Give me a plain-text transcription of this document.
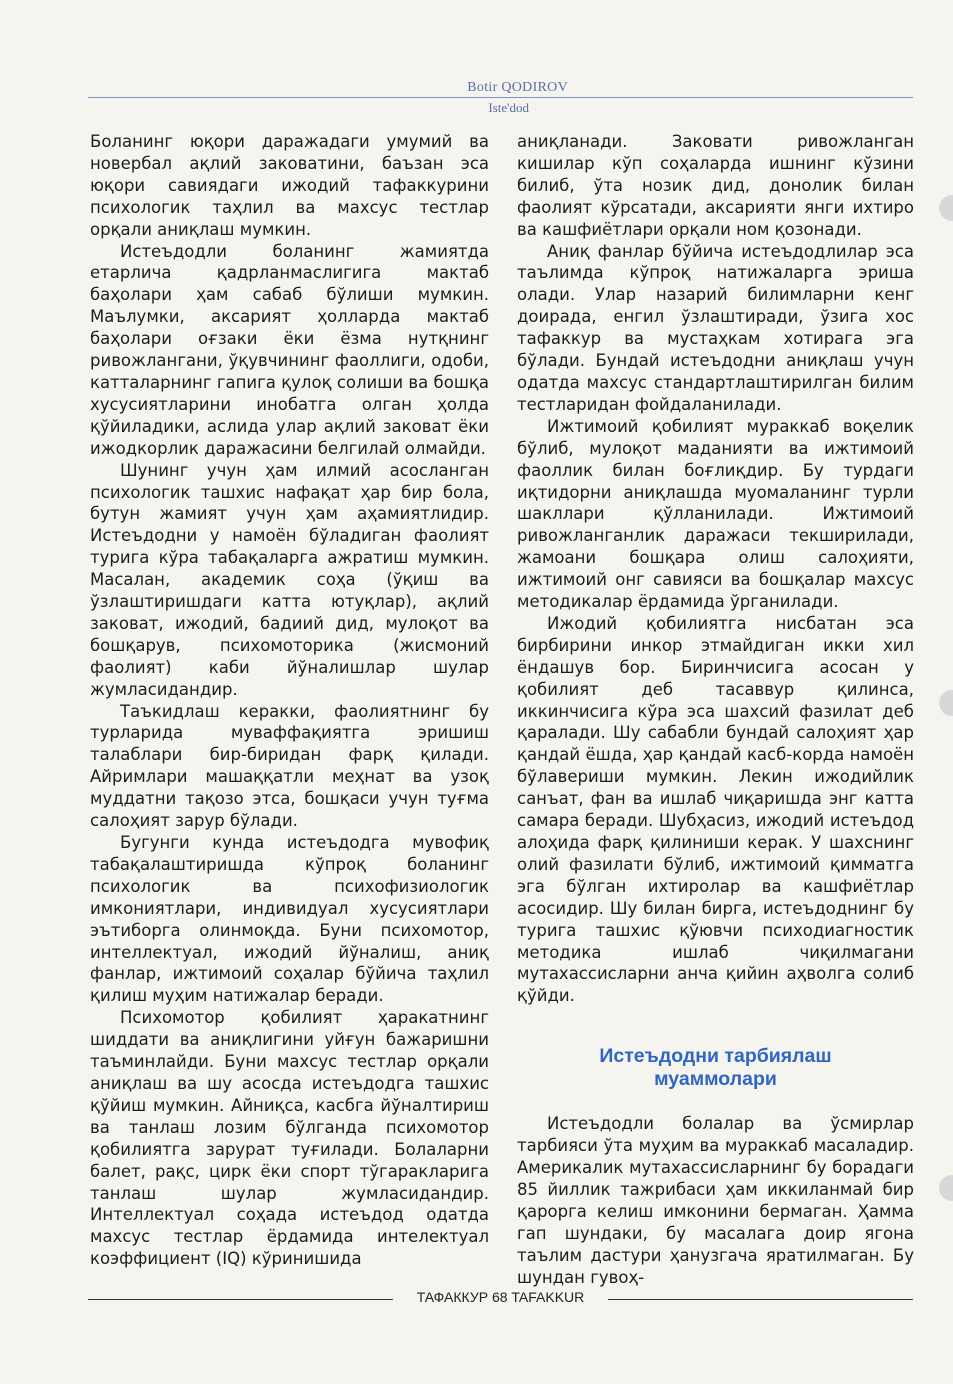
Botir QODIROV
Iste'dod

Боланинг юқори даражадаги умумий ва новербал ақлий заковатини, баъзан эса юқори савиядаги ижодий тафаккурини психологик таҳлил ва махсус тестлар орқали аниқлаш мумкин.

Истеъдодли боланинг жамиятда етарлича қадрланмаслигига мактаб баҳолари ҳам сабаб бўлиши мумкин. Маълумки, аксарият ҳолларда мактаб баҳолари оғзаки ёки ёзма нутқнинг ривожлангани, ўқувчининг фаоллиги, одоби, катталарнинг гапига қулоқ солиши ва бошқа хусусиятларини инобатга олган ҳолда қўйиладики, аслида улар ақлий заковат ёки ижодкорлик даражасини белгилай олмайди.

Шунинг учун ҳам илмий асосланган психологик ташхис нафақат ҳар бир бола, бутун жамият учун ҳам аҳамиятлидир. Истеъдодни у намоён бўладиган фаолият турига кўра табақаларга ажратиш мумкин. Масалан, академик соҳа (ўқиш ва ўзлаштиришдаги катта ютуқлар), ақлий заковат, ижодий, бадиий дид, мулоқот ва бошқарув, психомоторика (жисмоний фаолият) каби йўналишлар шулар жумласидандир.

Таъкидлаш керакки, фаолиятнинг бу турларида муваффақиятга эришиш талаблари бир-биридан фарқ қилади. Айримлари машаққатли меҳнат ва узоқ муддатни тақозо этса, бошқаси учун туғма салоҳият зарур бўлади.

Бугунги кунда истеъдодга мувофиқ табақалаштиришда кўпроқ боланинг психологик ва психофизиологик имкониятлари, индивидуал хусусиятлари эътиборга олинмоқда. Буни психомотор, интеллектуал, ижодий йўналиш, аниқ фанлар, ижтимоий соҳалар бўйича таҳлил қилиш муҳим натижалар беради.

Психомотор қобилият ҳаракатнинг шиддати ва аниқлигини уйғун бажаришни таъминлайди. Буни махсус тестлар орқали аниқлаш ва шу асосда истеъдодга ташхис қўйиш мумкин. Айниқса, касбга йўналтириш ва танлаш лозим бўлганда психомотор қобилиятга зарурат туғилади. Болаларни балет, рақс, цирк ёки спорт тўгаракларига танлаш шулар жумласидандир. Интеллектуал соҳада истеъдод одатда махсус тестлар ёрдамида интелектуал коэффициент (IQ) кўринишида

аниқланади. Заковати ривожланган кишилар кўп соҳаларда ишнинг кўзини билиб, ўта нозик дид, донолик билан фаолият кўрсатади, аксарияти янги ихтиро ва кашфиётлари орқали ном қозонади.

Аниқ фанлар бўйича истеъдодлилар эса таълимда кўпроқ натижаларга эриша олади. Улар назарий билимларни кенг доирада, енгил ўзлаштиради, ўзига хос тафаккур ва мустаҳкам хотирага эга бўлади. Бундай истеъдодни аниқлаш учун одатда махсус стандартлаштирилган билим тестларидан фойдаланилади.

Ижтимоий қобилият мураккаб воқелик бўлиб, мулоқот маданияти ва ижтимоий фаоллик билан боғлиқдир. Бу турдаги иқтидорни аниқлашда муомаланинг турли шакллари қўлланилади. Ижтимоий ривожланганлик даражаси текширилади, жамоани бошқара олиш салоҳияти, ижтимоий онг савияси ва бошқалар махсус методикалар ёрдамида ўрганилади.

Ижодий қобилиятга нисбатан эса бирбирини инкор этмайдиган икки хил ёндашув бор. Биринчисига асосан у қобилият деб тасаввур қилинса, иккинчисига кўра эса шахсий фазилат деб қаралади. Шу сабабли бундай салоҳият ҳар қандай ёшда, ҳар қандай касб-корда намоён бўлавериши мумкин. Лекин ижодийлик санъат, фан ва ишлаб чиқаришда энг катта самара беради. Шубҳасиз, ижодий истеъдод алоҳида фарқ қилиниши керак. У шахснинг олий фазилати бўлиб, ижтимоий қимматга эга бўлган ихтиролар ва кашфиётлар асосидир. Шу билан бирга, истеъдоднинг бу турига ташхис қўювчи психодиагностик методика ишлаб чиқилмагани мутахассисларни анча қийин аҳволга солиб қўйди.

Истеъдодни тарбиялаш
муаммолари

Истеъдодли болалар ва ўсмирлар тарбияси ўта муҳим ва мураккаб масаладир. Америкалик мутахассисларнинг бу борадаги 85 йиллик тажрибаси ҳам иккиланмай бир қарорга келиш имконини бермаган. Ҳамма гап шундаки, бу масалага доир ягона таълим дастури ҳанузгача яратилмаган. Бу шундан гувоҳ-

ТАФАККУР 68 TAFAKKUR
